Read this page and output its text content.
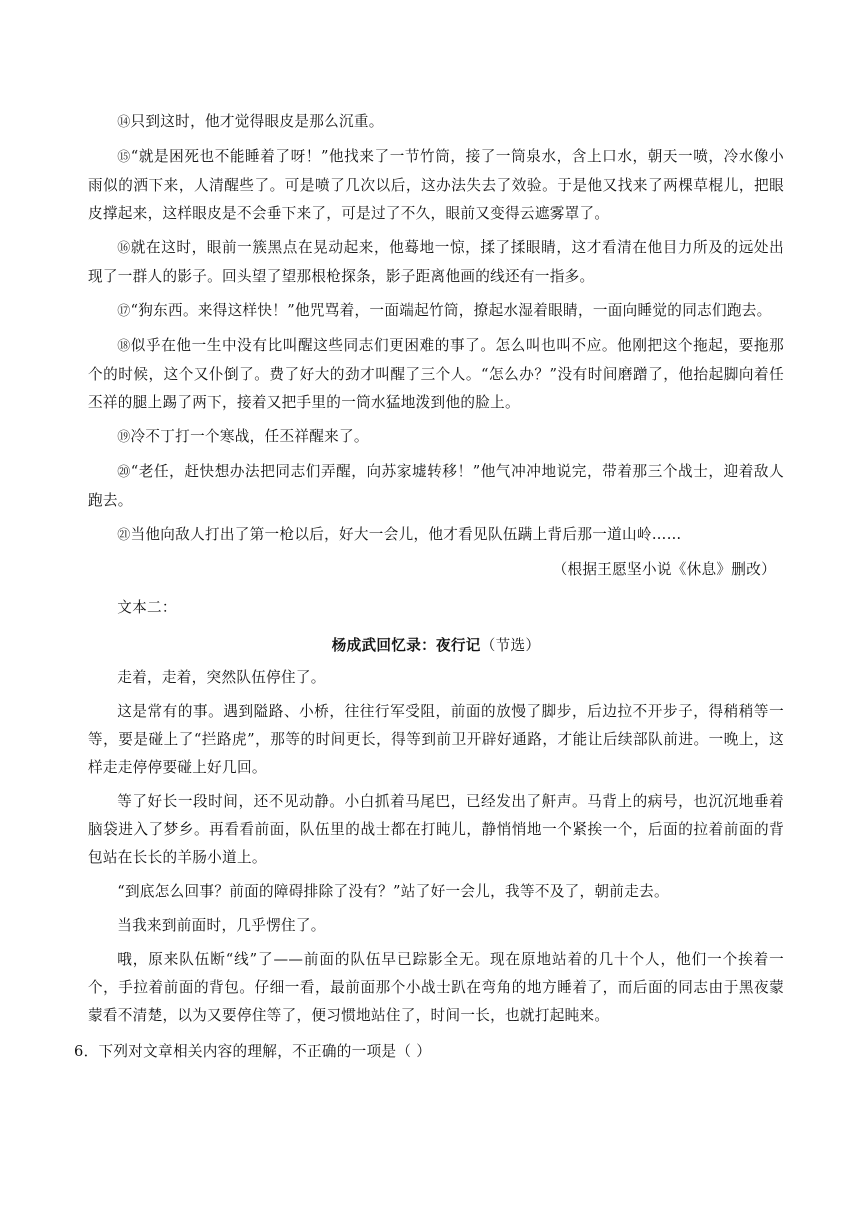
⑭只到这时，他才觉得眼皮是那么沉重。

⑮“就是困死也不能睡着了呀！”他找来了一节竹筒，接了一筒泉水，含上口水，朝天一喷，冷水像小雨似的洒下来，人清醒些了。可是喷了几次以后，这办法失去了效验。于是他又找来了两棵草棍儿，把眼皮撑起来，这样眼皮是不会垂下来了，可是过了不久，眼前又变得云遮雾罩了。

⑯就在这时，眼前一簇黑点在晃动起来，他蓦地一惊，揉了揉眼睛，这才看清在他目力所及的远处出现了一群人的影子。回头望了望那根枪探条，影子距离他画的线还有一指多。

⑰“狗东西。来得这样快！”他咒骂着，一面端起竹筒，撩起水湿着眼睛，一面向睡觉的同志们跑去。

⑱似乎在他一生中没有比叫醒这些同志们更困难的事了。怎么叫也叫不应。他刚把这个拖起，要拖那个的时候，这个又仆倒了。费了好大的劲才叫醒了三个人。“怎么办？”没有时间磨蹭了，他抬起脚向着任丕祥的腿上踢了两下，接着又把手里的一筒水猛地泼到他的脸上。

⑲冷不丁打一个寒战，任丕祥醒来了。

⑳“老任，赶快想办法把同志们弄醒，向苏家墟转移！”他气冲冲地说完，带着那三个战士，迎着敌人跑去。

㉑当他向敌人打出了第一枪以后，好大一会儿，他才看见队伍蹒上背后那一道山岭……

（根据王愿坚小说《休息》删改）

文本二：

杨成武回忆录：夜行记（节选）

走着，走着，突然队伍停住了。

这是常有的事。遇到隘路、小桥，往往行军受阻，前面的放慢了脚步，后边拉不开步子，得稍稍等一等，要是碰上了“拦路虎”，那等的时间更长，得等到前卫开辟好通路，才能让后续部队前进。一晚上，这样走走停停要碰上好几回。

等了好长一段时间，还不见动静。小白抓着马尾巴，已经发出了鼾声。马背上的病号，也沉沉地垂着脑袋进入了梦乡。再看看前面，队伍里的战士都在打盹儿，静悄悄地一个紧挨一个，后面的拉着前面的背包站在长长的羊肠小道上。

“到底怎么回事？前面的障碍排除了没有？”站了好一会儿，我等不及了，朝前走去。

当我来到前面时，几乎愣住了。

哦，原来队伍断“线”了——前面的队伍早已踪影全无。现在原地站着的几十个人，他们一个挨着一个，手拉着前面的背包。仔细一看，最前面那个小战士趴在弯角的地方睡着了，而后面的同志由于黑夜蒙蒙看不清楚，以为又要停住等了，便习惯地站住了，时间一长，也就打起盹来。

6．下列对文章相关内容的理解，不正确的一项是（ ）
